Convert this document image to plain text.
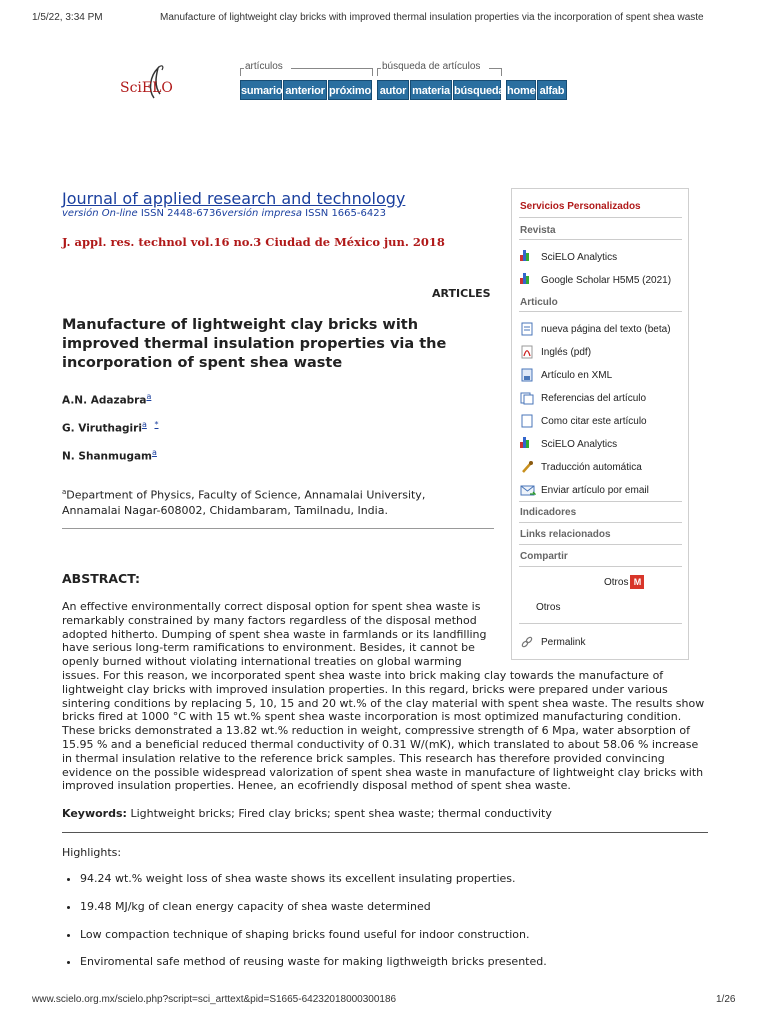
1/5/22, 3:34 PM	Manufacture of lightweight clay bricks with improved thermal insulation properties via the incorporation of spent shea waste
SciELO
artículos	búsqueda de artículos
sumario anterior próximo autor materia búsqueda home alfab
Journal of applied research and technology
versión On-line ISSN 2448-6736versión impresa ISSN 1665-6423
J. appl. res. technol vol.16 no.3 Ciudad de México jun. 2018
ARTICLES
Manufacture of lightweight clay bricks with improved thermal insulation properties via the incorporation of spent shea waste
A.N. Adazabra$^a$
G. Viruthagiri$^a$ *
N. Shanmugam$^a$
$^a$Department of Physics, Faculty of Science, Annamalai University,
Annamalai Nagar-608002, Chidambaram, Tamilnadu, India.
ABSTRACT:
An effective environmentally correct disposal option for spent shea waste is
remarkably constrained by many factors regardless of the disposal method
adopted hitherto. Dumping of spent shea waste in farmlands or its landfilling
have serious long-term ramifications to environment. Besides, it cannot be
openly burned without violating international treaties on global warming
issues. For this reason, we incorporated spent shea waste into brick making clay towards the manufacture of
lightweight clay bricks with improved insulation properties. In this regard, bricks were prepared under various
sintering conditions by replacing 5, 10, 15 and 20 wt.% of the clay material with spent shea waste. The results show
bricks fired at 1000 °C with 15 wt.% spent shea waste incorporation is most optimized manufacturing condition.
These bricks demonstrated a 13.82 wt.% reduction in weight, compressive strength of 6 Mpa, water absorption of
15.95 % and a beneficial reduced thermal conductivity of 0.31 W/(mK), which translated to about 58.06 % increase
in thermal insulation relative to the reference brick samples. This research has therefore provided convincing
evidence on the possible widespread valorization of spent shea waste in manufacture of lightweight clay bricks with
improved insulation properties. Henee, an ecofriendly disposal method of spent shea waste.
Keywords: Lightweight bricks; Fired clay bricks; spent shea waste; thermal conductivity
Highlights:
• 94.24 wt.% weight loss of shea waste shows its excellent insulating properties.
• 19.48 MJ/kg of clean energy capacity of shea waste determined
• Low compaction technique of shaping bricks found useful for indoor construction.
• Enviromental safe method of reusing waste for making ligthweigth bricks presented.
Servicios Personalizados
Revista
SciELO Analytics
Google Scholar H5M5 (2021)
Articulo
nueva página del texto (beta)
Inglés (pdf)
Artículo en XML
Referencias del artículo
Como citar este artículo
SciELO Analytics
Traducción automática
Enviar artículo por email
Indicadores
Links relacionados
Compartir
Otros M
Otros
Permalink
www.scielo.org.mx/scielo.php?script=sci_arttext&pid=S1665-64232018000300186	1/26
